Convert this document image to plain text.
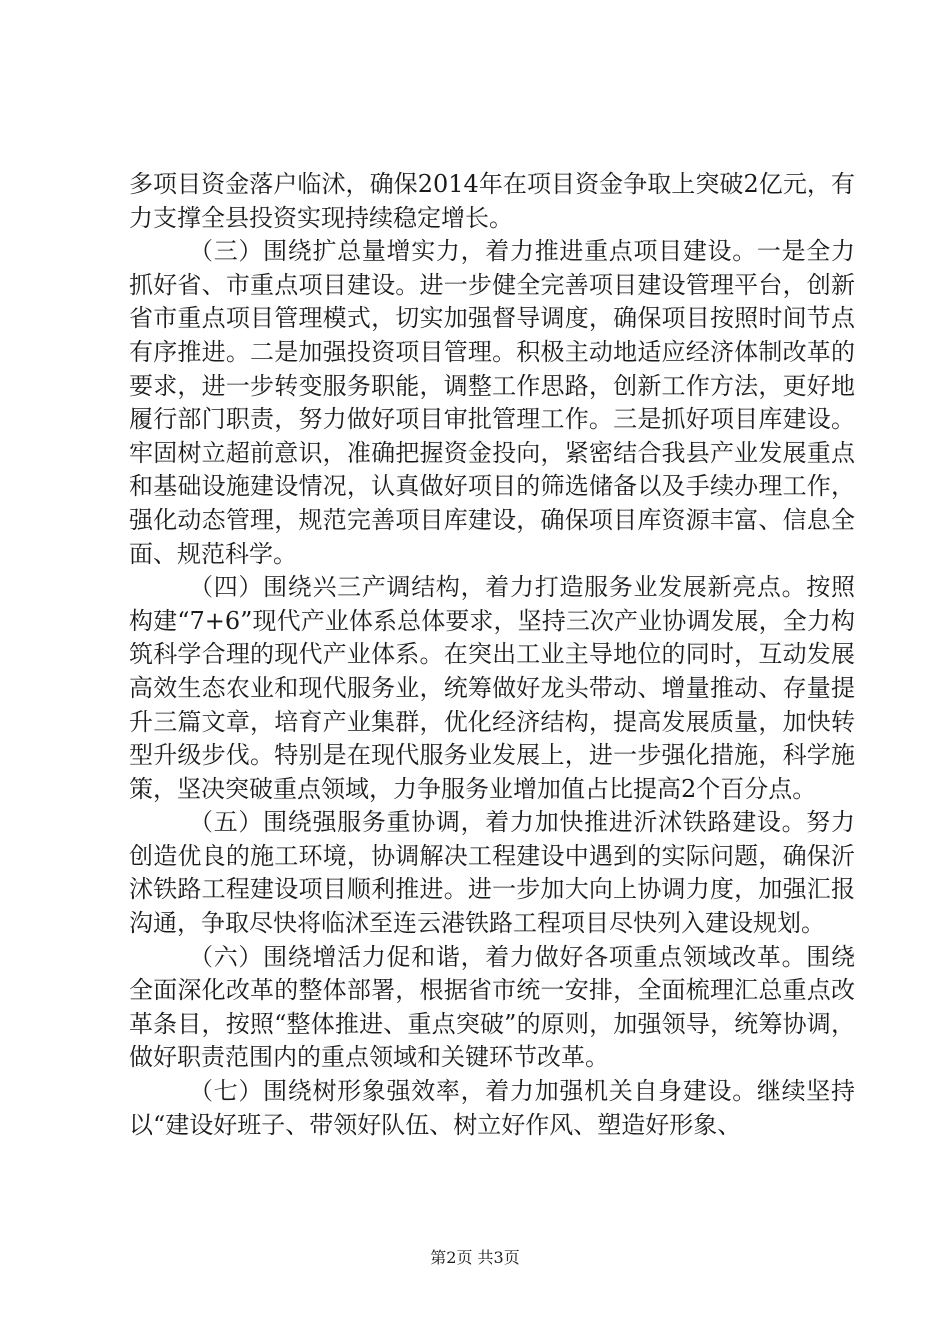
多项目资金落户临沭，确保2014年在项目资金争取上突破2亿元，有力支撑全县投资实现持续稳定增长。

（三）围绕扩总量增实力，着力推进重点项目建设。一是全力抓好省、市重点项目建设。进一步健全完善项目建设管理平台，创新省市重点项目管理模式，切实加强督导调度，确保项目按照时间节点有序推进。二是加强投资项目管理。积极主动地适应经济体制改革的要求，进一步转变服务职能，调整工作思路，创新工作方法，更好地履行部门职责，努力做好项目审批管理工作。三是抓好项目库建设。牢固树立超前意识，准确把握资金投向，紧密结合我县产业发展重点和基础设施建设情况，认真做好项目的筛选储备以及手续办理工作，强化动态管理，规范完善项目库建设，确保项目库资源丰富、信息全面、规范科学。

（四）围绕兴三产调结构，着力打造服务业发展新亮点。按照构建“7+6”现代产业体系总体要求，坚持三次产业协调发展，全力构筑科学合理的现代产业体系。在突出工业主导地位的同时，互动发展高效生态农业和现代服务业，统筹做好龙头带动、增量推动、存量提升三篇文章，培育产业集群，优化经济结构，提高发展质量，加快转型升级步伐。特别是在现代服务业发展上，进一步强化措施，科学施策，坚决突破重点领域，力争服务业增加值占比提高2个百分点。

（五）围绕强服务重协调，着力加快推进沂沭铁路建设。努力创造优良的施工环境，协调解决工程建设中遇到的实际问题，确保沂沭铁路工程建设项目顺利推进。进一步加大向上协调力度，加强汇报沟通，争取尽快将临沭至连云港铁路工程项目尽快列入建设规划。

（六）围绕增活力促和谐，着力做好各项重点领域改革。围绕全面深化改革的整体部署，根据省市统一安排，全面梳理汇总重点改革条目，按照“整体推进、重点突破”的原则，加强领导，统筹协调，做好职责范围内的重点领域和关键环节改革。

（七）围绕树形象强效率，着力加强机关自身建设。继续坚持以“建设好班子、带领好队伍、树立好作风、塑造好形象、

第2页 共3页
